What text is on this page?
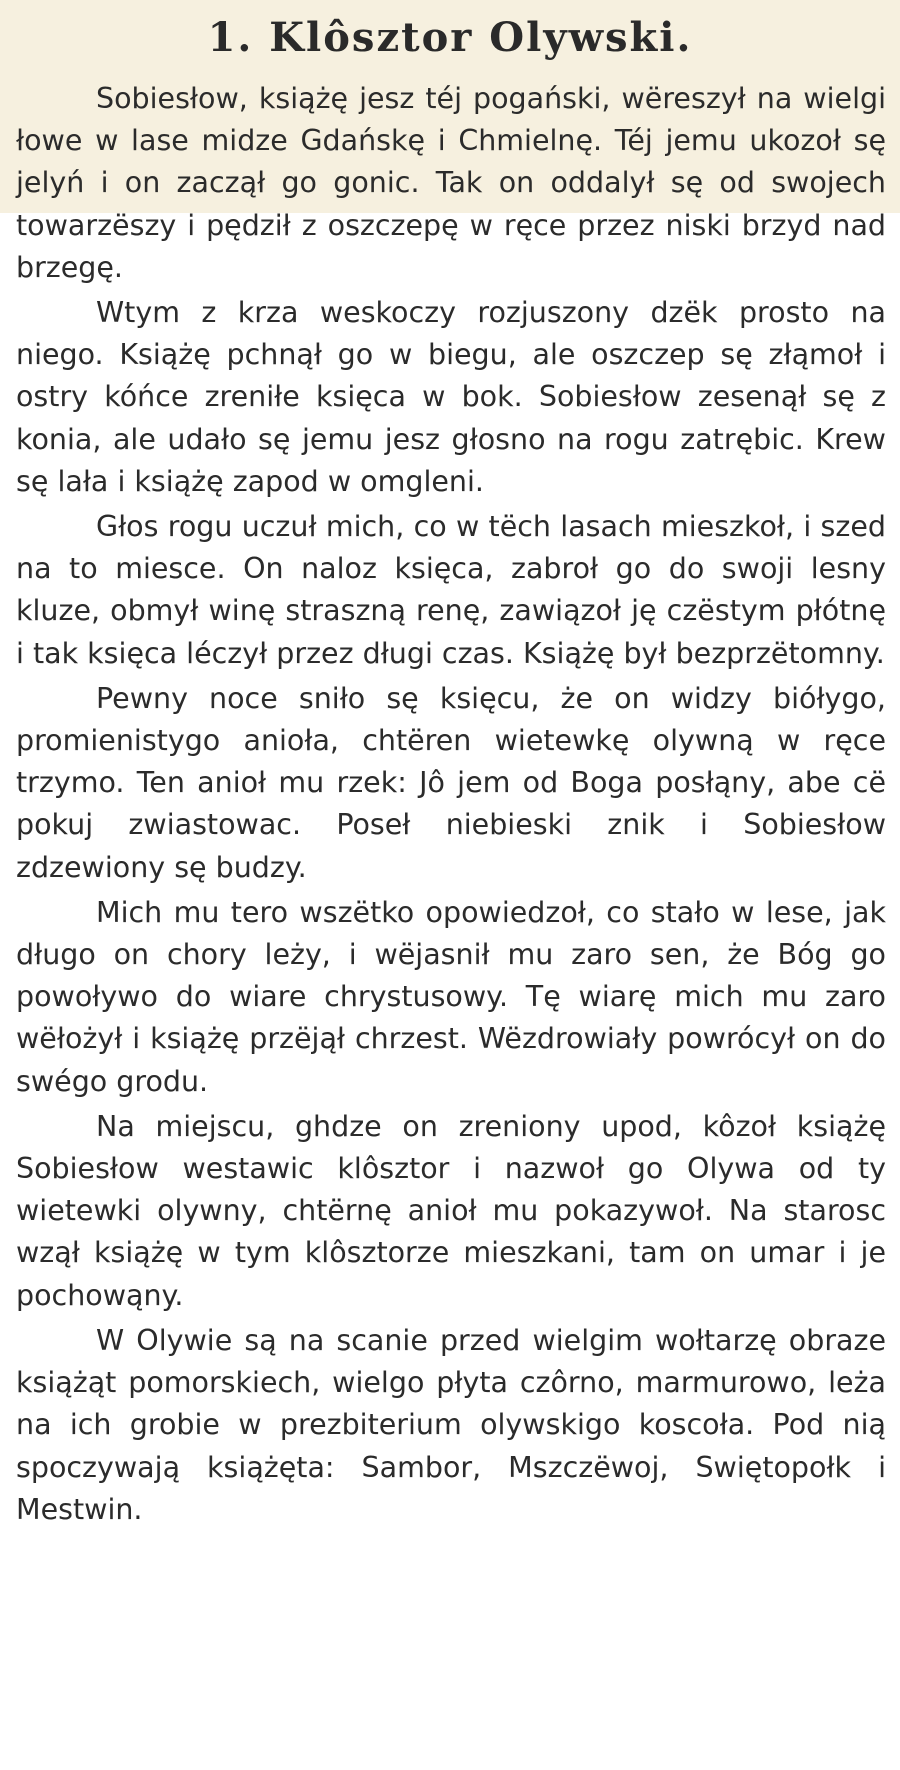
1. Klôsztor Olywski.

Sobiesłow, książę jesz téj pogański, wëreszył na wielgi łowe w lase midze Gdańskę i Chmielnę. Téj jemu ukozoł sę jelyń i on zaczął go gonic. Tak on oddalył sę od swojech towarzëszy i pędził z oszczepę w ręce przez niski brzyd nad brzegę.

Wtym z krza weskoczy rozjuszony dzëk prosto na niego. Książę pchnął go w biegu, ale oszczep sę złąmoł i ostry kóńce zreniłe księca w bok. Sobiesłow zesenął sę z konia, ale udało sę jemu jesz głosno na rogu zatrębic. Krew sę lała i książę zapod w omgleni.

Głos rogu uczuł mich, co w tëch lasach mieszkoł, i szed na to miesce. On naloz księca, zabroł go do swoji lesny kluze, obmył winę straszną renę, zawiązoł ję czëstym płótnę i tak księca léczył przez długi czas. Książę był bezprzëtomny.

Pewny noce sniło sę księcu, że on widzy biółygo, promienistygo anioła, chtëren wietewkę olywną w ręce trzymo. Ten anioł mu rzek: Jô jem od Boga posłąny, abe cë pokuj zwiastowac. Poseł niebieski znik i Sobiesłow zdzewiony sę budzy.

Mich mu tero wszëtko opowiedzoł, co stało w lese, jak długo on chory leży, i wëjasnił mu zaro sen, że Bóg go powoływo do wiare chrystusowy. Tę wiarę mich mu zaro wëłożył i książę przëjął chrzest. Wëzdrowiały powrócył on do swégo grodu.

Na miejscu, ghdze on zreniony upod, kôzoł książę Sobiesłow westawic klôsztor i nazwoł go Olywa od ty wietewki olywny, chtërnę anioł mu pokazywoł. Na starosc wzął książę w tym klôsztorze mieszkani, tam on umar i je pochowąny.

W Olywie są na scanie przed wielgim wołtarzę obraze książąt pomorskiech, wielgo płyta czôrno, marmurowo, leża na ich grobie w prezbiterium olywskigo koscoła. Pod nią spoczywają książęta: Sambor, Mszczëwoj, Swiętopołk i Mestwin.
